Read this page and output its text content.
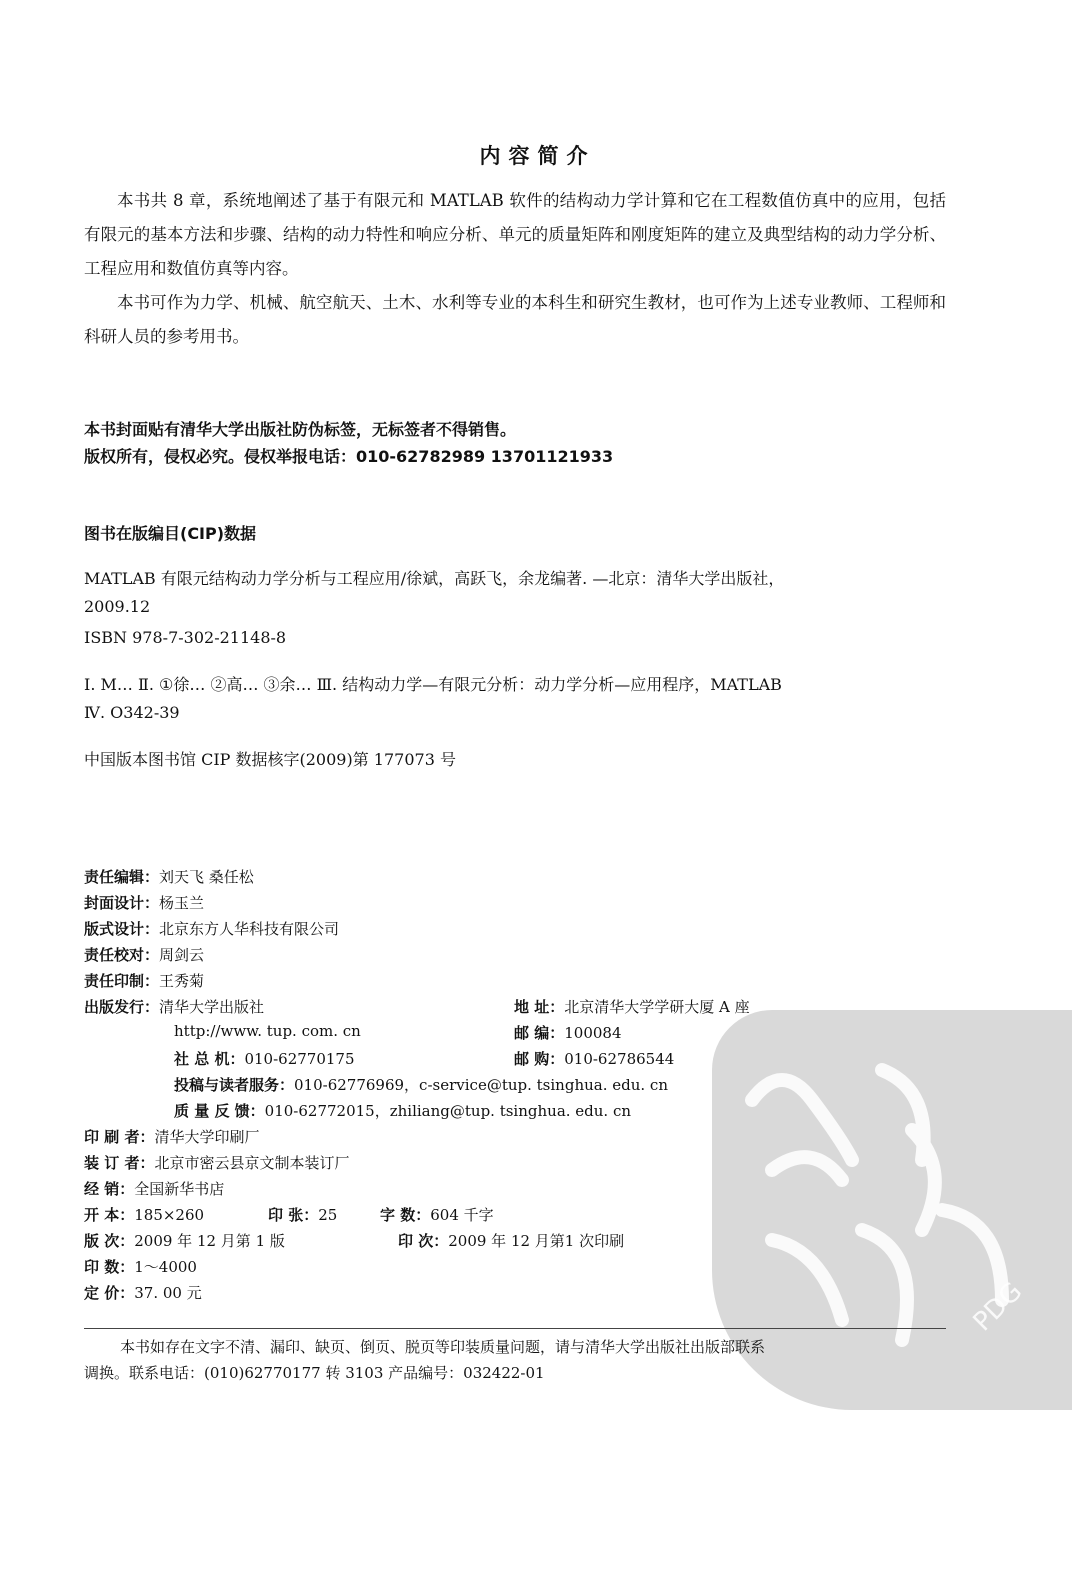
内容简介

本书共 8 章，系统地阐述了基于有限元和 MATLAB 软件的结构动力学计算和它在工程数值仿真中的应用，包括有限元的基本方法和步骤、结构的动力特性和响应分析、单元的质量矩阵和刚度矩阵的建立及典型结构的动力学分析、工程应用和数值仿真等内容。

本书可作为力学、机械、航空航天、土木、水利等专业的本科生和研究生教材，也可作为上述专业教师、工程师和科研人员的参考用书。

本书封面贴有清华大学出版社防伪标签，无标签者不得销售。
版权所有，侵权必究。侵权举报电话：010-62782989 13701121933
图书在版编目(CIP)数据
MATLAB 有限元结构动力学分析与工程应用/徐斌，高跃飞，余龙编著. —北京：清华大学出版社，
2009.12
ISBN 978-7-302-21148-8
Ⅰ. M… Ⅱ. ①徐… ②高… ③余… Ⅲ. 结构动力学—有限元分析：动力学分析—应用程序，MATLAB
Ⅳ. O342-39
中国版本图书馆 CIP 数据核字(2009)第 177073 号
PDG
责任编辑：刘天飞 桑任松
封面设计：杨玉兰
版式设计：北京东方人华科技有限公司
责任校对：周剑云
责任印制：王秀菊
出版发行：清华大学出版社	地 址：北京清华大学学研大厦 A 座
http://www. tup. com. cn	邮 编：100084
社 总 机：010-62770175	邮 购：010-62786544
投稿与读者服务：010-62776969，c-service@tup. tsinghua. edu. cn
质 量 反 馈：010-62772015，zhiliang@tup. tsinghua. edu. cn
印 刷 者：清华大学印刷厂
装 订 者：北京市密云县京文制本装订厂
经 销：全国新华书店
开 本：185×260	印 张：25	字 数：604 千字
版 次：2009 年 12 月第 1 版	印 次：2009 年 12 月第1 次印刷
印 数：1～4000
定 价：37. 00 元
本书如存在文字不清、漏印、缺页、倒页、脱页等印装质量问题，请与清华大学出版社出版部联系
调换。联系电话：(010)62770177 转 3103 产品编号：032422-01
